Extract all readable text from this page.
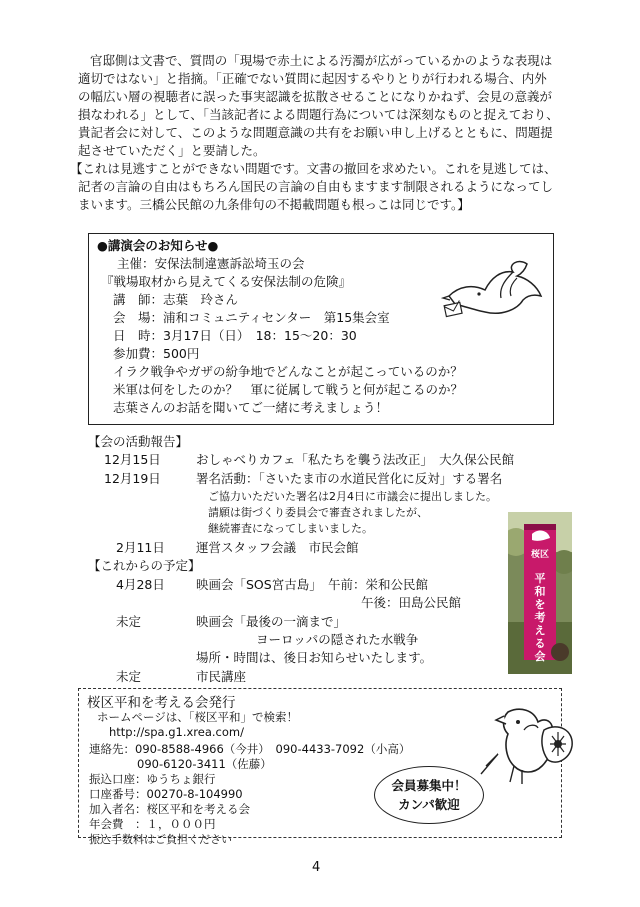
官邸側は文書で、質問の「現場で赤土による汚濁が広がっているかのような表現は
適切ではない」と指摘。「正確でない質問に起因するやりとりが行われる場合、内外
の幅広い層の視聴者に誤った事実認識を拡散させることになりかねず、会見の意義が
損なわれる」として、「当該記者による問題行為については深刻なものと捉えており、
貴記者会に対して、このような問題意識の共有をお願い申し上げるとともに、問題提
起させていただく」と要請した。
【これは見逃すことができない問題です。文書の撤回を求めたい。これを見逃しては、
記者の言論の自由はもちろん国民の言論の自由もますます制限されるようになってし
まいます。三橋公民館の九条俳句の不掲載問題も根っこは同じです。】
●講演会のお知らせ●
主催：安保法制違憲訴訟埼玉の会
『戦場取材から見えてくる安保法制の危険』
講　師：志葉　玲さん
会　場：浦和コミュニティセンター　第15集会室
日　時：3月17日（日）　18：15〜20：30
参加費：500円
イラク戦争やガザの紛争地でどんなことが起こっているのか？
米軍は何をしたのか？　軍に従属して戦うと何が起こるのか？
志葉さんのお話を聞いてご一緒に考えましょう！
【会の活動報告】
12月15日	おしゃべりカフェ「私たちを襲う法改正」　大久保公民館
12月19日	署名活動：「さいたま市の水道民営化に反対」する署名
ご協力いただいた署名は2月4日に市議会に提出しました。
請願は街づくり委員会で審査されましたが、
継続審査になってしまいました。
2月11日 運営スタッフ会議　市民会館
【これからの予定】
4月28日 映画会「SOS宮古島」　午前：栄和公民館
午後：田島公民館
未定	映画会「最後の一滴まで」
ヨーロッパの隠された水戦争
場所・時間は、後日お知らせいたします。
未定	市民講座
桜区
平和を考える会
桜区平和を考える会発行
ホームページは、「桜区平和」で検索！
http://spa.g1.xrea.com/
連絡先：090-8588-4966（今井）　090-4433-7092（小高）
090-6120-3411（佐藤）
振込口座：ゆうちょ銀行
口座番号：00270-8-104990
加入者名：桜区平和を考える会
年会費　：１，０００円
振込手数料はご負担ください
会員募集中！
カンパ歓迎
4
